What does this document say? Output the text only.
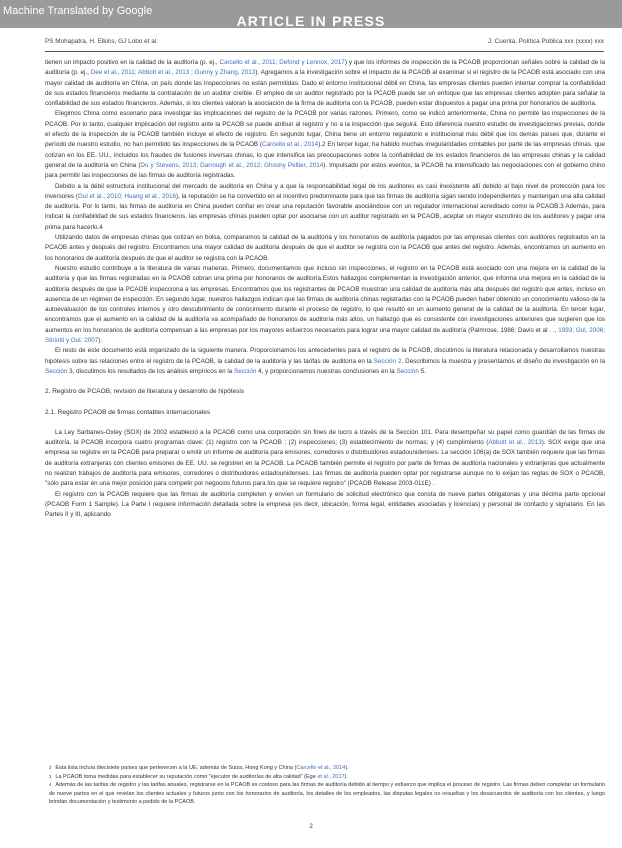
Machine Translated by Google
ARTICLE IN PRESS
PS Mohapatra, H. Elkins, GJ Lobo et al.	J. Cuenta. Política Pública xxx (xxxx) xxx

tienen un impacto positivo en la calidad de la auditoría (p. ej., Carcello et al., 2011; Defond y Lennox, 2017) y que los informes de inspección de la PCAOB proporcionan señales sobre la calidad de la auditoría (p. ej., Dee et al., 2011; Abbott et al., 2013 ; Gunny y Zhang, 2013). Agregamos a la investigación sobre el impacto de la PCAOB al examinar si el registro de la PCAOB está asociado con una mayor calidad de auditoría en China, un país donde las inspecciones no están permitidas. Dado el entorno institucional débil en China, las empresas clientes pueden intentar comprar la confiabilidad de sus estados financieros mediante la contratación de un auditor creíble. El empleo de un auditor registrado por la PCAOB puede ser un enfoque que las empresas clientes adopten para señalar la confiabilidad de sus estados financieros. Además, si los clientes valoran la asociación de la firma de auditoría con la PCAOB, pueden estar dispuestos a pagar una prima por honorarios de auditoría.

Elegimos China como escenario para investigar las implicaciones del registro de la PCAOB por varias razones. Primero, como se indicó anteriormente, China no permite las inspecciones de la PCAOB. Por lo tanto, cualquier implicación del registro ante la PCAOB se puede atribuir al registro y no a la inspección que seguirá. Esto diferencia nuestro estudio de investigaciones previas, donde el efecto de la inspección de la PCAOB también incluye el efecto de registro. En segundo lugar, China tiene un entorno regulatorio e institucional más débil que los demás países que, durante el período de nuestro estudio, no han permitido las inspecciones de la PCAOB (Carcello et al., 2014).2 En tercer lugar, ha habido muchas irregularidades contables por parte de las empresas chinas. que cotizan en los EE. UU., incluidos los fraudes de fusiones inversas chinas, lo que intensifica las preocupaciones sobre la confiabilidad de los estados financieros de las empresas chinas y la calidad general de la auditoría en China (Du y Stevens, 2013; Darrough et al., 2012; Ghoshy Peltier, 2014). Impulsado por estos eventos, la PCAOB ha intensificado las negociaciones con el gobierno chino para permitir las inspecciones de las firmas de auditoría registradas.

Debido a la débil estructura institucional del mercado de auditoría en China y a que la responsabilidad legal de los auditores es casi inexistente allí debido al bajo nivel de protección para los inversores (Gul et al., 2010; Huang et al., 2016), la reputación se ha convertido en el incentivo predominante para que las firmas de auditoría sigan siendo independientes y mantengan una alta calidad de auditoría. Por lo tanto, las firmas de auditoría en China pueden confiar en crear una reputación favorable asociándose con un regulador internacional acreditado como la PCAOB.3 Además, para indicar la confiabilidad de sus estados financieros, las empresas chinas pueden optar por asociarse con un auditor registrado en la PCAOB, aceptar un mayor escrutinio de los auditores y pagar una prima para hacerlo.4

Utilizando datos de empresas chinas que cotizan en bolsa, comparamos la calidad de la auditoría y los honorarios de auditoría pagados por las empresas clientes con auditores registrados en la PCAOB antes y después del registro. Encontramos una mayor calidad de auditoría después de que el auditor se registra con la PCAOB que antes del registro. Además, encontramos un aumento en los honorarios de auditoría después de que el auditor se registra con la PCAOB.

Nuestro estudio contribuye a la literatura de varias maneras. Primero, documentamos que incluso sin inspecciones, el registro en la PCAOB está asociado con una mejora en la calidad de la auditoría y que las firmas registradas en la PCAOB cobran una prima por honorarios de auditoría.Estos hallazgos complementan la investigación anterior, que informa una mejora en la calidad de la auditoría después de que la PCAOB inspecciona a las empresas. Encontramos que los registrantes de PCAOB muestran una calidad de auditoría más alta después del registro que antes, incluso en ausencia de un régimen de inspección. En segundo lugar, nuestros hallazgos indican que las firmas de auditoría chinas registradas con la PCAOB pueden haber obtenido un conocimiento valioso de la autoevaluación de los controles internos y otro descubrimiento de conocimiento durante el proceso de registro, lo que resultó en un aumento general de la calidad de la auditoría. En tercer lugar, encontramos que el aumento en la calidad de la auditoría va acompañado de honorarios de auditoría más altos, un hallazgo que es consistente con investigaciones anteriores que sugieren que los aumentos en los honorarios de auditoría compensan a las empresas por los mayores esfuerzos necesarios para lograr una mayor calidad de auditoría (Palmrose, 1986; Davis et al . ., 1993; Gul, 2006; Stiriotti y Gul, 2007).

El resto de este documento está organizado de la siguiente manera. Proporcionamos los antecedentes para el registro de la PCAOB, discutimos la literatura relacionada y desarrollamos nuestras hipótesis sobre las relaciones entre el registro de la PCAOB, la calidad de la auditoría y las tarifas de auditoría en la Sección 2. Describimos la muestra y presentamos el diseño de investigación en la Sección 3, discutimos los resultados de los análisis empíricos en la Sección 4, y proporcionamos nuestras conclusiones en la Sección 5.

2. Registro de PCAOB, revisión de literatura y desarrollo de hipótesis

2.1. Registro PCAOB de firmas contables internacionales

La Ley Sarbanes-Oxley (SOX) de 2002 estableció a la PCAOB como una corporación sin fines de lucro a través de la Sección 101. Para desempeñar su papel como guardián de las firmas de auditoría, la PCAOB incorpora cuatro programas clave: (1) registro con la PCAOB ; (2) inspecciones; (3) establecimiento de normas; y (4) cumplimiento (Abbott et al., 2013). SOX exige que una empresa se registre en la PCAOB para preparar o emitir un informe de auditoría para emisores, corredores o distribuidores estadounidenses. La sección 106(a) de SOX también requiere que las firmas de auditoría extranjeras con clientes emisores de EE. UU. se registren en la PCAOB. La PCAOB también permite el registro por parte de firmas de auditoría nacionales y extranjeras que actualmente no realizan trabajos de auditoría para emisores, corredores o distribuidores estadounidenses. Las firmas de auditoría pueden optar por registrarse aunque no lo exijan las reglas de SOX o PCAOB, "sólo para estar en una mejor posición para competir por negocios futuros para los que se requiere registro" (PCAOB Release 2003-011E) .

El registro con la PCAOB requiere que las firmas de auditoría completen y envíen un formulario de solicitud electrónico que consta de nueve partes obligatorias y una décima parte opcional (PCAOB Form 1 Sample). La Parte I requiere información detallada sobre la empresa (es decir, ubicación, forma legal, entidades asociadas y licencias) y personal de contacto y signatario. En las Partes II y III, aplicando

$^2$ Esta lista incluía diecisiete países que pertenecen a la UE, además de Suiza, Hong Kong y China (Carcello et al., 2014).

$^3$ La PCAOB toma medidas para establecer su reputación como "ejecutor de auditorías de alta calidad" (Ege et al., 2017).

$^4$ Además de las tarifas de registro y las tarifas anuales, registrarse en la PCAOB es costoso para las firmas de auditoría debido al tiempo y esfuerzo que implica el proceso de registro. Las firmas deben completar un formulario de nueve partes en el que revelan los clientes actuales y futuros junto con los honorarios de auditoría, los detalles de los empleados, las disputas legales no resueltas y los desacuerdos de auditoría con los clientes, y luego brindan documentación y testimonio a pedido de la PCAOB.

2
